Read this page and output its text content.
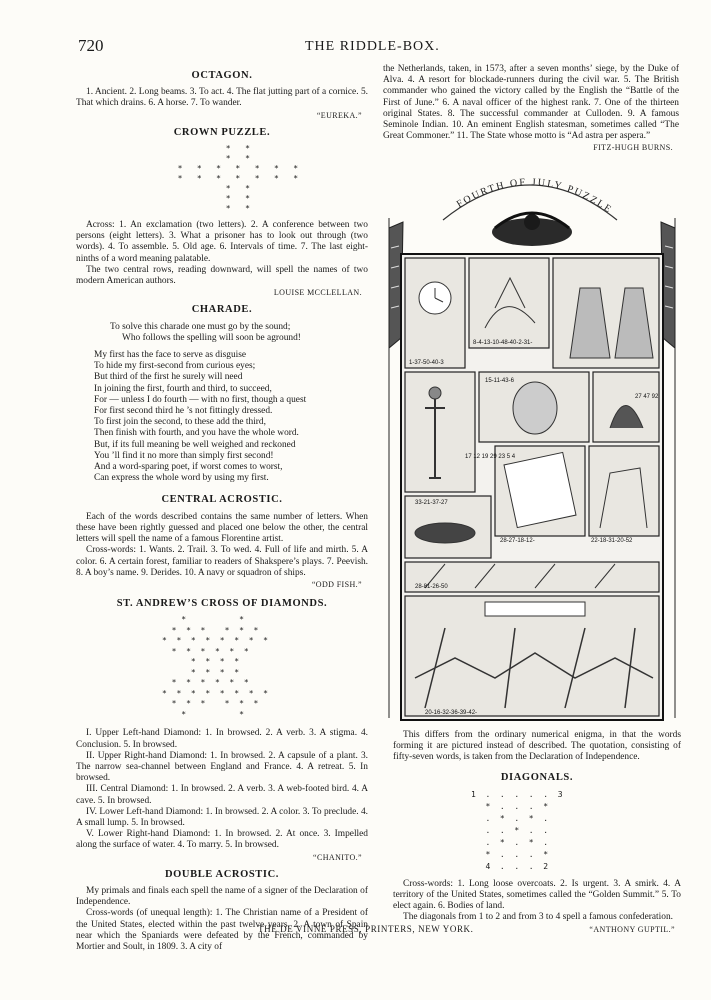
720	THE RIDDLE-BOX.
OCTAGON.

1. Ancient. 2. Long beams. 3. To act. 4. The flat jutting part of a cornice. 5. That which drains. 6. A horse. 7. To wander.

“EUREKA.”

CROWN PUZZLE.
*   *
*   *
*   *   *   *   *   *   *
*   *   *   *   *   *   *
*   *
*   *
*   *

Across: 1. An exclamation (two letters). 2. A conference between two persons (eight letters). 3. What a prisoner has to look out through (two words). 4. To assemble. 5. Old age. 6. Intervals of time. 7. The last eight-ninths of a word meaning palatable.

The two central rows, reading downward, will spell the names of two modern American authors.

LOUISE MCCLELLAN.

CHARADE.
To solve this charade one must go by the sound;
Who follows the spelling will soon be aground!
My first has the face to serve as disguise
To hide my first-second from curious eyes;
But third of the first he surely will need
In joining the first, fourth and third, to succeed,
For — unless I do fourth — with no first, though a quest
For first second third he ’s not fittingly dressed.
To first join the second, to these add the third,
Then finish with fourth, and you have the whole word.
But, if its full meaning be well weighed and reckoned
You ’ll find it no more than simply first second!
And a word-sparing poet, if worst comes to worst,
Can express the whole word by using my first.
CENTRAL ACROSTIC.

Each of the words described contains the same number of letters. When these have been rightly guessed and placed one below the other, the central letters will spell the name of a famous Florentine artist.

Cross-words: 1. Wants. 2. Trail. 3. To wed. 4. Full of life and mirth. 5. A color. 6. A certain forest, familiar to readers of Shakspere’s plays. 7. Peevish. 8. A boy’s name. 9. Derides. 10. A navy or squadron of ships.

“ODD FISH.”

ST. ANDREW’S CROSS OF DIAMONDS.
*           *
*  *  *    *  *  *
*  *  *  *  *  *  *  *
*  *  *  *  *  *
*  *  *  *
*  *  *  *
*  *  *  *  *  *
*  *  *  *  *  *  *  *
*  *  *    *  *  *
*           *

I. Upper Left-hand Diamond: 1. In browsed. 2. A verb. 3. A stigma. 4. Conclusion. 5. In browsed.

II. Upper Right-hand Diamond: 1. In browsed. 2. A capsule of a plant. 3. The narrow sea-channel between England and France. 4. A retreat. 5. In browsed.

III. Central Diamond: 1. In browsed. 2. A verb. 3. A web-footed bird. 4. A cave. 5. In browsed.

IV. Lower Left-hand Diamond: 1. In browsed. 2. A color. 3. To preclude. 4. A small lump. 5. In browsed.

V. Lower Right-hand Diamond: 1. In browsed. 2. At once. 3. Impelled along the surface of water. 4. To marry. 5. In browsed.

“CHANITO.”

DOUBLE ACROSTIC.

My primals and finals each spell the name of a signer of the Declaration of Independence.

Cross-words (of unequal length): 1. The Christian name of a President of the United States, elected within the past twelve years. 2. A town of Spain near which the Spaniards were defeated by the French, commanded by Mortier and Soult, in 1809. 3. A city of

the Netherlands, taken, in 1573, after a seven months’ siege, by the Duke of Alva. 4. A resort for blockade-runners during the civil war. 5. The British commander who gained the victory called by the English the “Battle of the First of June.” 6. A naval officer of the highest rank. 7. One of the thirteen original States. 8. The successful commander at Culloden. 9. A famous Seminole Indian. 10. An eminent English statesman, sometimes called “The Great Commoner.” 11. The State whose motto is “Ad astra per aspera.”

FITZ-HUGH BURNS.

FOURTH OF JULY PUZZLE
1-37-50-40-3
8-4-13-10-48-40-2-31-
15-11-43-6
27 47 92
33-21-37-27
28-27-18-12-	22-18-31-20-52
28-81-26-50
20-16-32-36-39-42-
17 12 19 29 23 5 4

This differs from the ordinary numerical enigma, in that the words forming it are pictured instead of described. The quotation, consisting of fifty-seven words, is taken from the Declaration of Independence.

DIAGONALS.
1  .  .  .  .  .  3
*  .  .  .  *
.  *  .  *  .
.  .  *  .  .
.  *  .  *  .
*  .  .  .  *
4  .  .  .  2

Cross-words: 1. Long loose overcoats. 2. Is urgent. 3. A smirk. 4. A territory of the United States, sometimes called the “Golden Summit.” 5. To elect again. 6. Bodies of land.

The diagonals from 1 to 2 and from 3 to 4 spell a famous confederation.

“ANTHONY GUPTIL.”

THE DE VINNE PRESS, PRINTERS, NEW YORK.
